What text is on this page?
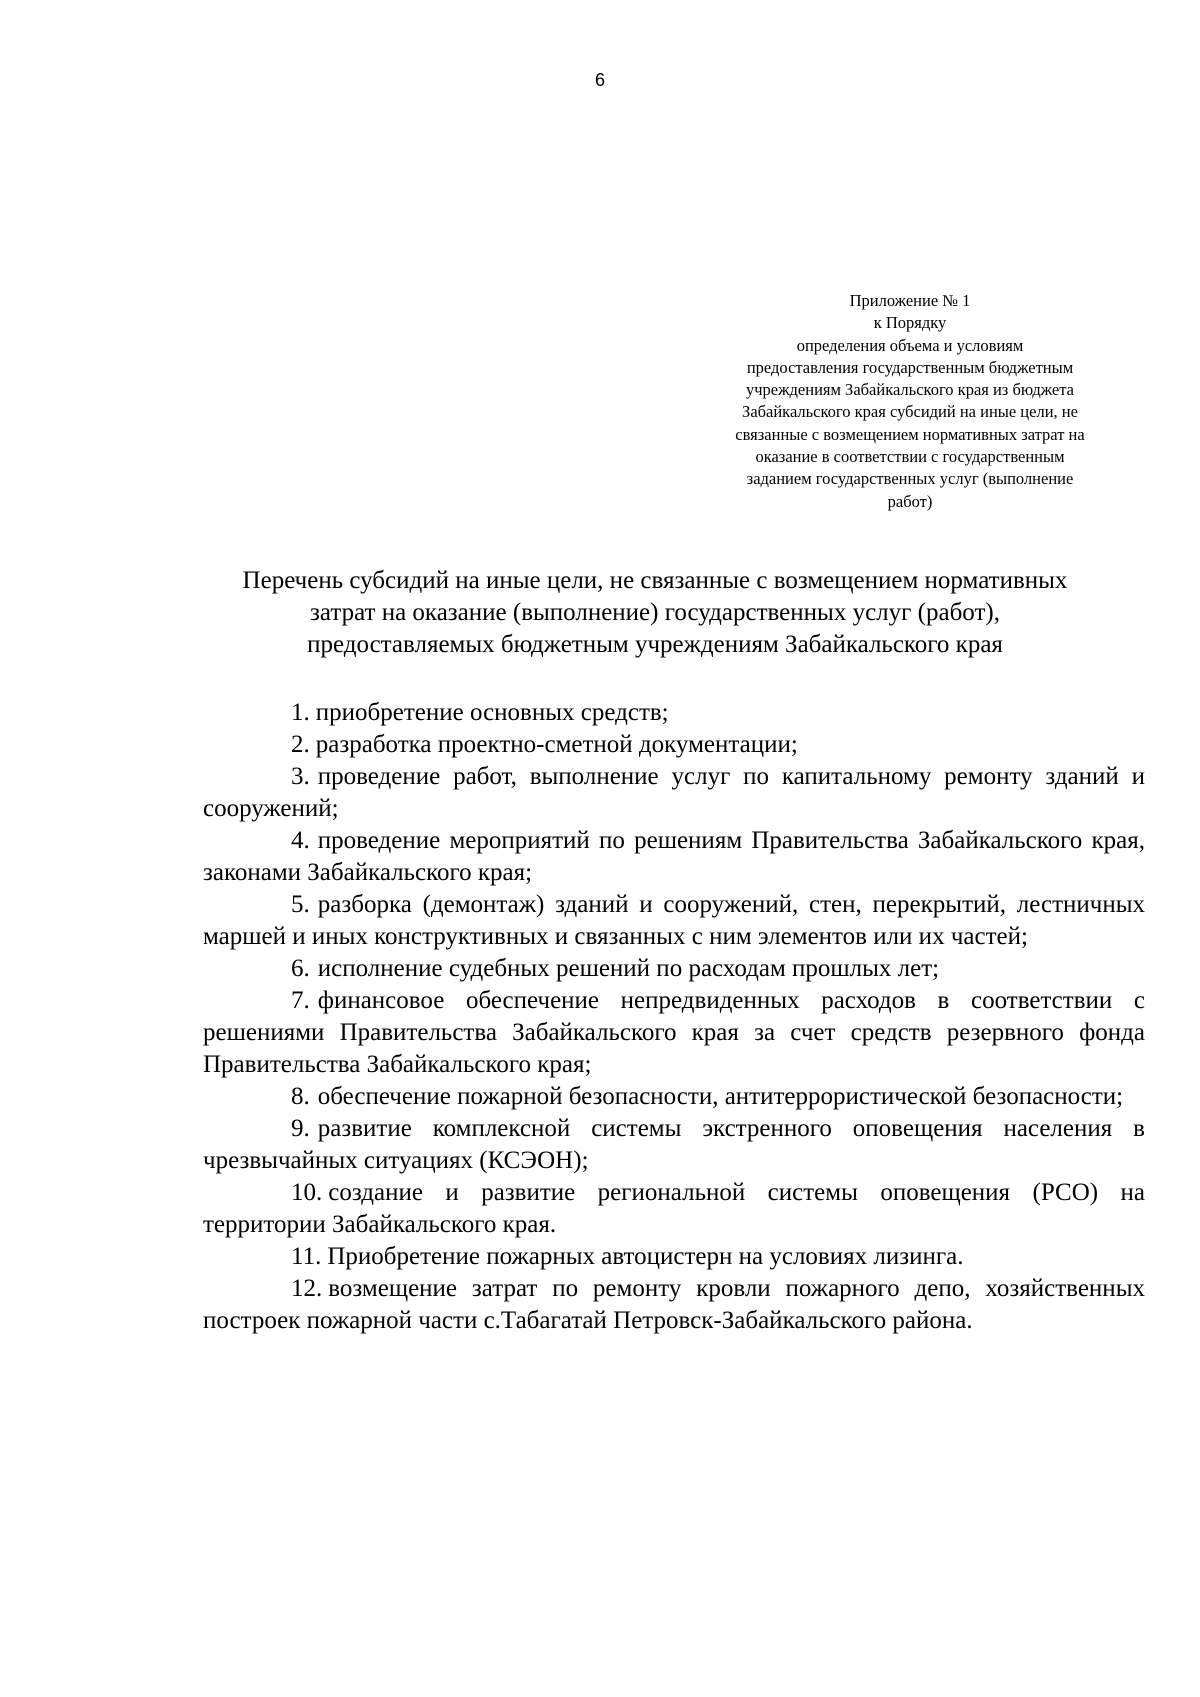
6
Приложение № 1
к Порядку
определения объема и условиям
предоставления государственным бюджетным
учреждениям Забайкальского края из бюджета
Забайкальского края субсидий на иные цели, не
связанные с возмещением нормативных затрат на
оказание в соответствии с государственным
заданием государственных услуг (выполнение
работ)
Перечень субсидий на иные цели, не связанные с возмещением нормативных
затрат на оказание (выполнение) государственных услуг (работ),
предоставляемых бюджетным учреждениям Забайкальского края

1. приобретение основных средств;

2. разработка проектно-сметной документации;

3. проведение работ, выполнение услуг по капитальному ремонту зданий и сооружений;

4. проведение мероприятий по решениям Правительства Забайкальского края, законами Забайкальского края;

5. разборка (демонтаж) зданий и сооружений, стен, перекрытий, лестничных маршей и иных конструктивных и связанных с ним элементов или их частей;

6. исполнение судебных решений по расходам прошлых лет;

7. финансовое обеспечение непредвиденных расходов в соответствии с решениями Правительства Забайкальского края за счет средств резервного фонда Правительства Забайкальского края;

8. обеспечение пожарной безопасности, антитеррористической безопасности;

9. развитие комплексной системы экстренного оповещения населения в чрезвычайных ситуациях (КСЭОН);

10. создание и развитие региональной системы оповещения (РСО) на территории Забайкальского края.

11. Приобретение пожарных автоцистерн на условиях лизинга.

12. возмещение затрат по ремонту кровли пожарного депо, хозяйственных построек пожарной части с.Табагатай Петровск-Забайкальского района.
